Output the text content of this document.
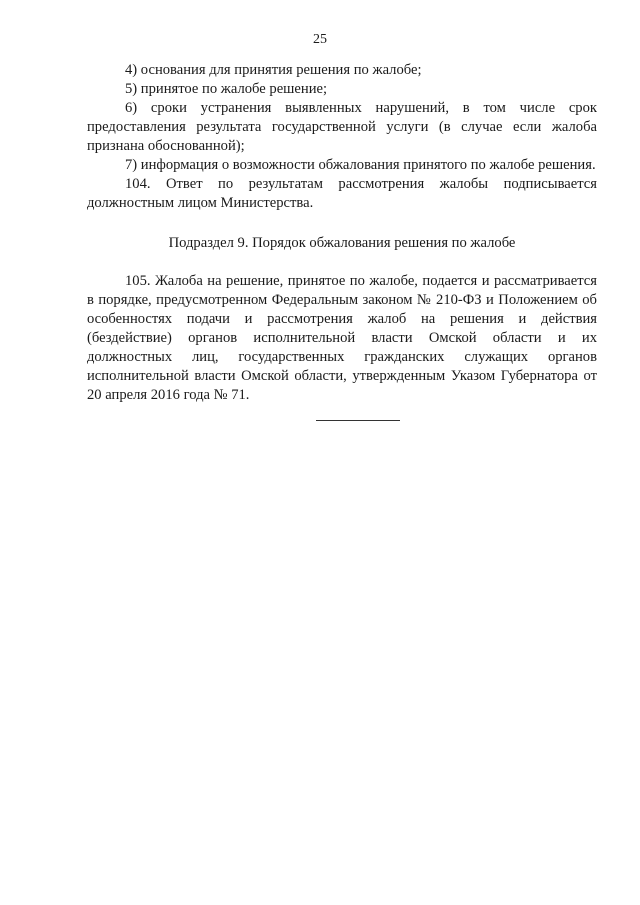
25

4) основания для принятия решения по жалобе;

5) принятое по жалобе решение;

6) сроки устранения выявленных нарушений, в том числе срок предоставления результата государственной услуги (в случае если жалоба признана обоснованной);

7) информация о возможности обжалования принятого по жалобе решения.

104. Ответ по результатам рассмотрения жалобы подписывается должностным лицом Министерства.

Подраздел 9. Порядок обжалования решения по жалобе

105. Жалоба на решение, принятое по жалобе, подается и рассматривается в порядке, предусмотренном Федеральным законом № 210-ФЗ и Положением об особенностях подачи и рассмотрения жалоб на решения и действия (бездействие) органов исполнительной власти Омской области и их должностных лиц, государственных гражданских служащих органов исполнительной власти Омской области, утвержденным Указом Губернатора от 20 апреля 2016 года № 71.
